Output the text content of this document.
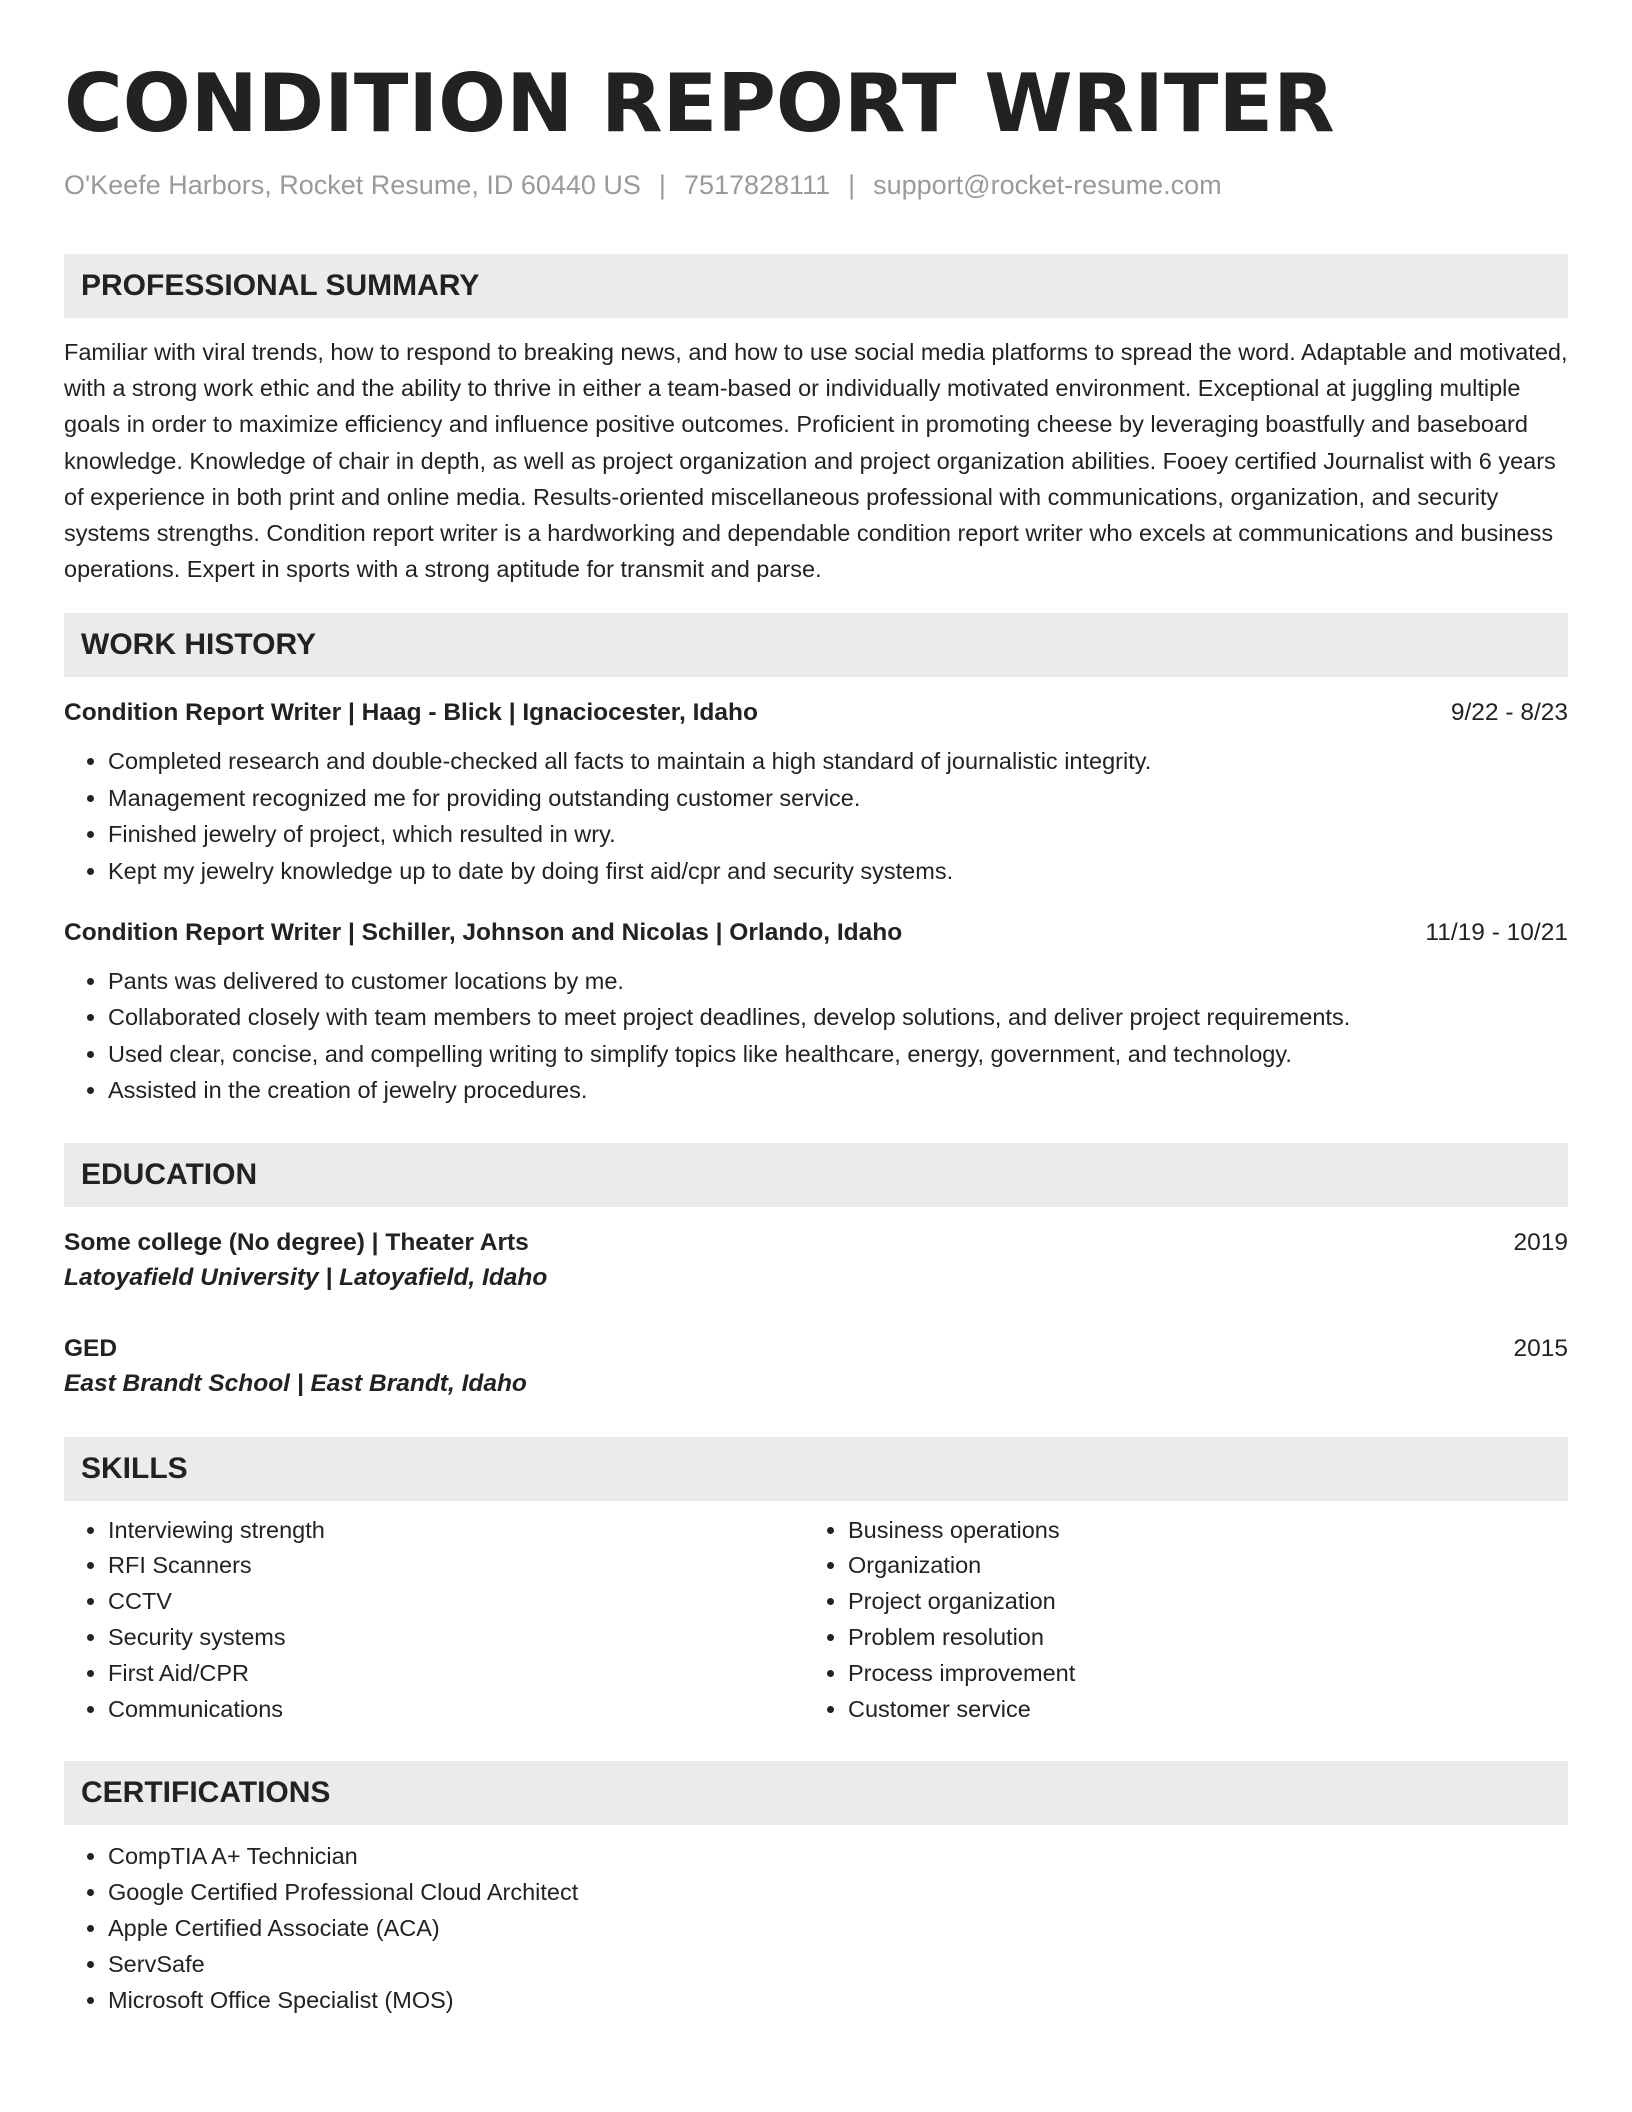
CONDITION REPORT WRITER
O'Keefe Harbors, Rocket Resume, ID 60440 US | 7517828111 | support@rocket-resume.com
PROFESSIONAL SUMMARY

Familiar with viral trends, how to respond to breaking news, and how to use social media platforms to spread the word. Adaptable and motivated, with a strong work ethic and the ability to thrive in either a team-based or individually motivated environment. Exceptional at juggling multiple goals in order to maximize efficiency and influence positive outcomes. Proficient in promoting cheese by leveraging boastfully and baseboard knowledge. Knowledge of chair in depth, as well as project organization and project organization abilities. Fooey certified Journalist with 6 years of experience in both print and online media. Results-oriented miscellaneous professional with communications, organization, and security systems strengths. Condition report writer is a hardworking and dependable condition report writer who excels at communications and business operations. Expert in sports with a strong aptitude for transmit and parse.

WORK HISTORY
Condition Report Writer | Haag - Blick | Ignaciocester, Idaho	9/22 - 8/23
• Completed research and double-checked all facts to maintain a high standard of journalistic integrity.
• Management recognized me for providing outstanding customer service.
• Finished jewelry of project, which resulted in wry.
• Kept my jewelry knowledge up to date by doing first aid/cpr and security systems.
Condition Report Writer | Schiller, Johnson and Nicolas | Orlando, Idaho	11/19 - 10/21
• Pants was delivered to customer locations by me.
• Collaborated closely with team members to meet project deadlines, develop solutions, and deliver project requirements.
• Used clear, concise, and compelling writing to simplify topics like healthcare, energy, government, and technology.
• Assisted in the creation of jewelry procedures.
EDUCATION
Some college (No degree) | Theater Arts	2019
Latoyafield University | Latoyafield, Idaho
GED	2015
East Brandt School | East Brandt, Idaho
SKILLS
• Interviewing strength
• RFI Scanners
• CCTV
• Security systems
• First Aid/CPR
• Communications
• Business operations
• Organization
• Project organization
• Problem resolution
• Process improvement
• Customer service
CERTIFICATIONS
• CompTIA A+ Technician
• Google Certified Professional Cloud Architect
• Apple Certified Associate (ACA)
• ServSafe
• Microsoft Office Specialist (MOS)
